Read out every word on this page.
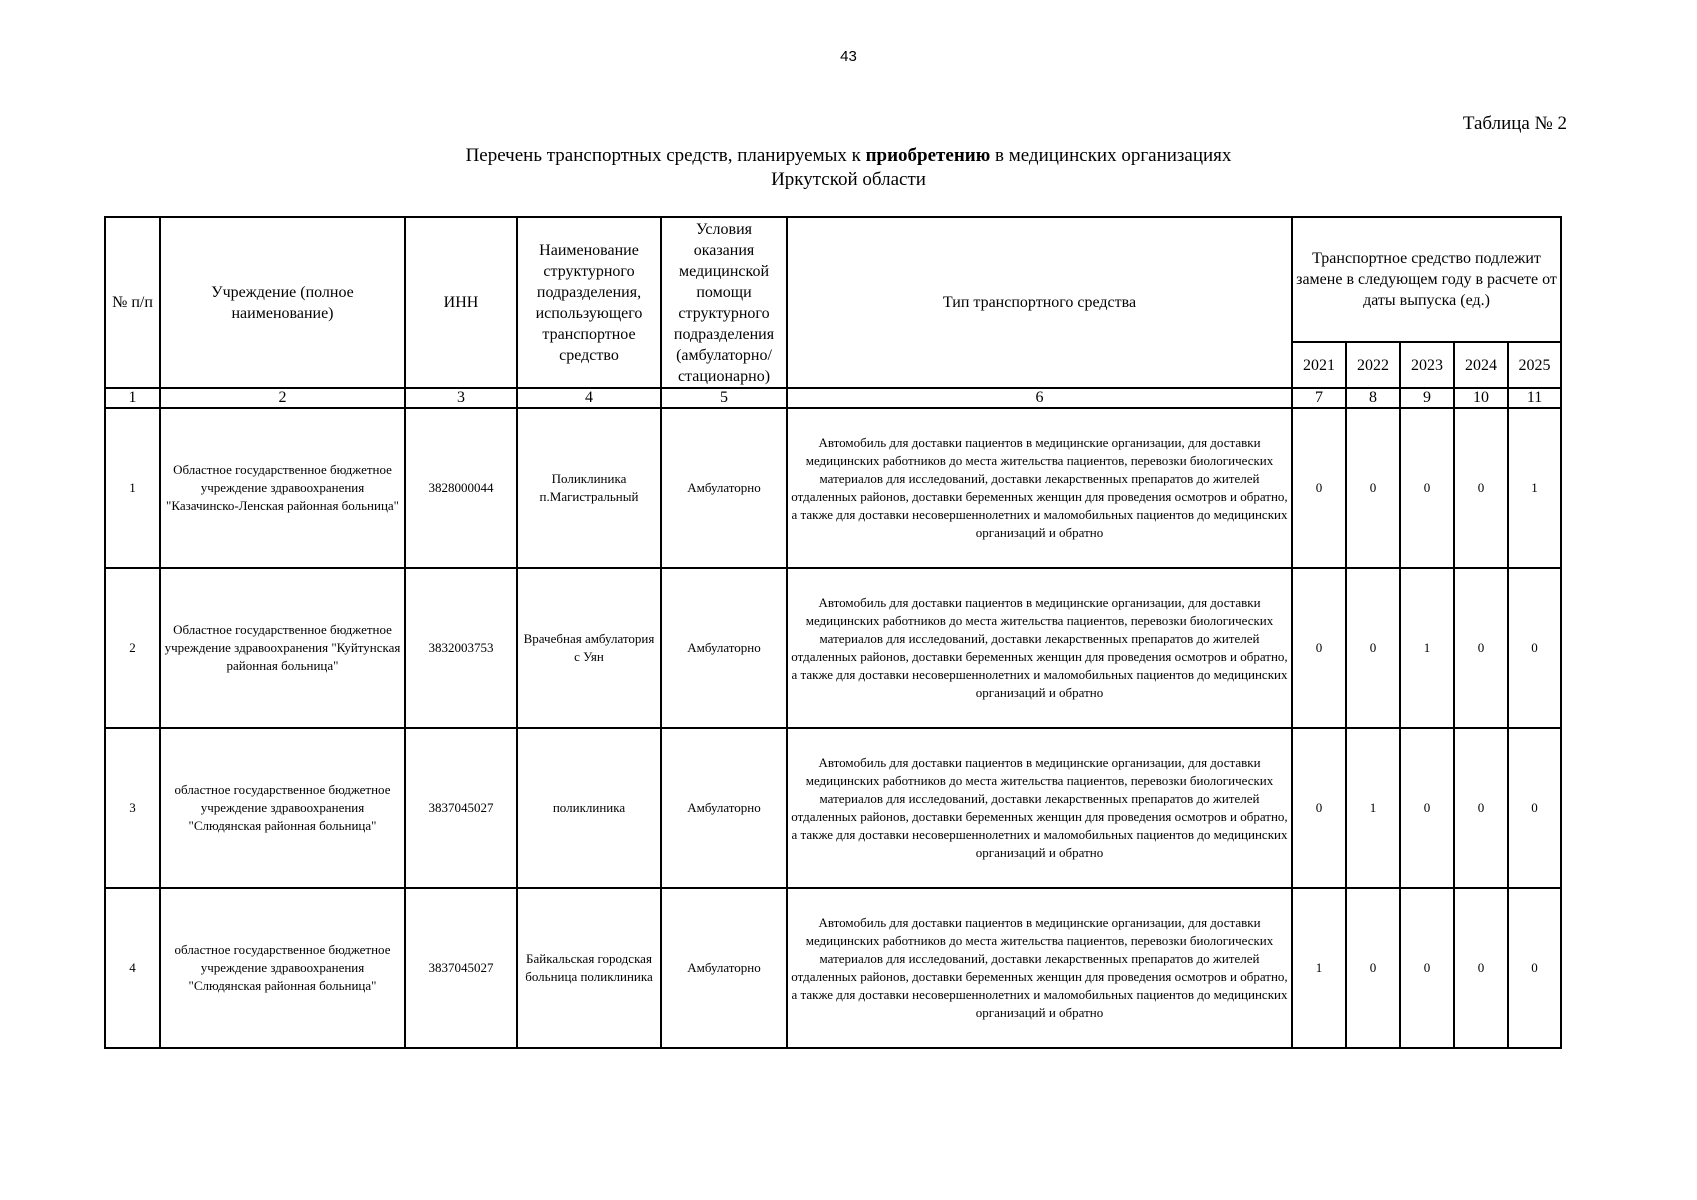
43
Таблица № 2
Перечень транспортных средств, планируемых к приобретению в медицинских организациях
Иркутской области
№ п/п	Учреждение (полное наименование)	ИНН	Наименование структурного подразделения, использующего транспортное средство	Условия оказания медицинской помощи структурного подразделения (амбулаторно/ стационарно)	Тип транспортного средства	Транспортное средство подлежит замене в следующем году в расчете от даты выпуска (ед.)				
						2021	2022	2023	2024	2025
1	2	3	4	5	6	7	8	9	10	11
1	Областное государственное бюджетное учреждение здравоохранения "Казачинско-Ленская районная больница"	3828000044	Поликлиника п.Магистральный	Амбулаторно	Автомобиль для доставки пациентов в медицинские организации, для доставки медицинских работников до места жительства пациентов, перевозки биологических материалов для исследований, доставки лекарственных препаратов до жителей отдаленных районов, доставки беременных женщин для проведения осмотров и обратно, а также для доставки несовершеннолетних и маломобильных пациентов до медицинских организаций и обратно	0	0	0	0	1
2	Областное государственное бюджетное учреждение здравоохранения "Куйтунская районная больница"	3832003753	Врачебная амбулатория с Уян	Амбулаторно	Автомобиль для доставки пациентов в медицинские организации, для доставки медицинских работников до места жительства пациентов, перевозки биологических материалов для исследований, доставки лекарственных препаратов до жителей отдаленных районов, доставки беременных женщин для проведения осмотров и обратно, а также для доставки несовершеннолетних и маломобильных пациентов до медицинских организаций и обратно	0	0	1	0	0
3	областное государственное бюджетное учреждение здравоохранения "Слюдянская районная больница"	3837045027	поликлиника	Амбулаторно	Автомобиль для доставки пациентов в медицинские организации, для доставки медицинских работников до места жительства пациентов, перевозки биологических материалов для исследований, доставки лекарственных препаратов до жителей отдаленных районов, доставки беременных женщин для проведения осмотров и обратно, а также для доставки несовершеннолетних и маломобильных пациентов до медицинских организаций и обратно	0	1	0	0	0
4	областное государственное бюджетное учреждение здравоохранения "Слюдянская районная больница"	3837045027	Байкальская городская больница поликлиника	Амбулаторно	Автомобиль для доставки пациентов в медицинские организации, для доставки медицинских работников до места жительства пациентов, перевозки биологических материалов для исследований, доставки лекарственных препаратов до жителей отдаленных районов, доставки беременных женщин для проведения осмотров и обратно, а также для доставки несовершеннолетних и маломобильных пациентов до медицинских организаций и обратно	1	0	0	0	0
